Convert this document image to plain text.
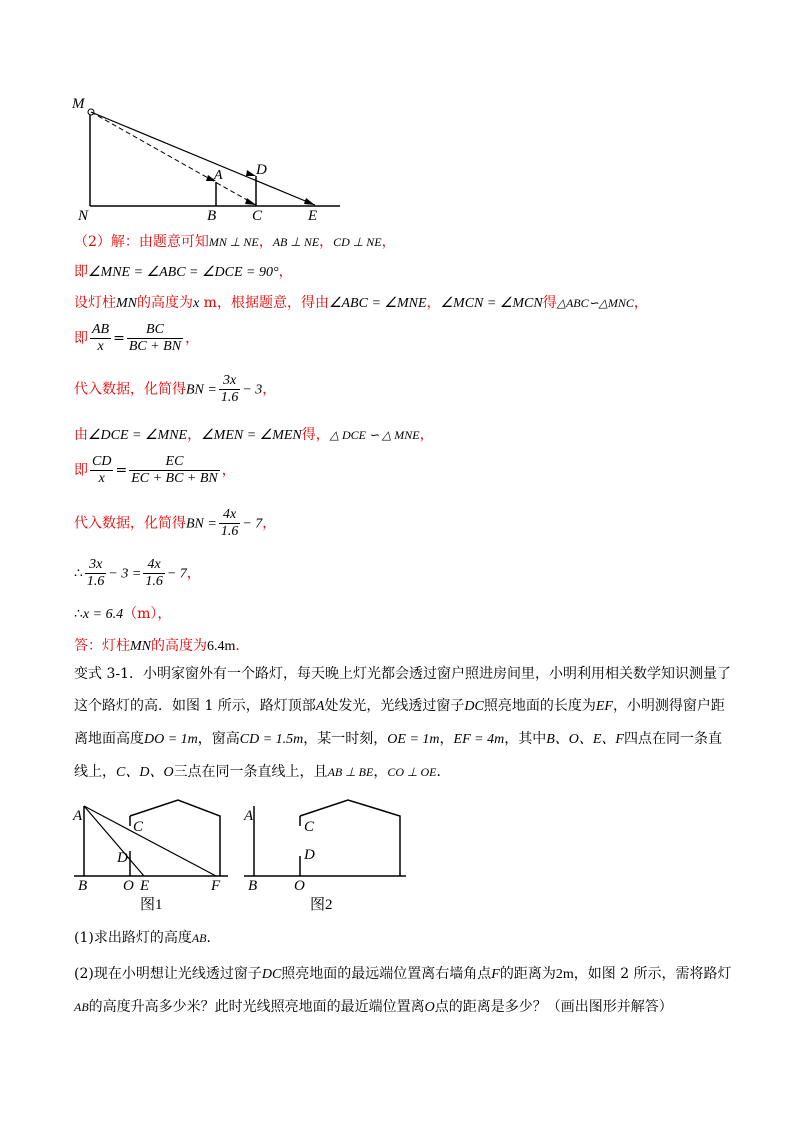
M
N
A
B C
D
E
（2）解：由题意可知MN ⊥ NE，AB ⊥ NE，CD ⊥ NE，
即∠MNE = ∠ABC = ∠DCE = 90°，
设灯柱MN的高度为x m，根据题意，得由∠ABC = ∠MNE，∠MCN = ∠MCN得△ABC∽△MNC，
即 $\frac{AB}{x} = \frac{BC}{BC + BN}$ ，
代入数据，化简得BN = $\frac{3x}{1.6} - 3$，
由∠DCE = ∠MNE，∠MEN = ∠MEN得，△ DCE ∽ △ MNE，
即 $\frac{CD}{x} = \frac{EC}{EC + BC + BN}$ ，
代入数据，化简得BN = $\frac{4x}{1.6} - 7$，
∴ $\frac{3x}{1.6} - 3 = \frac{4x}{1.6} - 7$，
∴x = 6.4（m），
答：灯柱MN的高度为6.4m．
变式 3-1．小明家窗外有一个路灯，每天晚上灯光都会透过窗户照进房间里，小明利用相关数学知识测量了这个路灯的高．如图 1 所示，路灯顶部A处发光，光线透过窗子DC照亮地面的长度为EF，小明测得窗户距离地面高度DO = 1m，窗高CD = 1.5m，某一时刻，OE = 1m，EF = 4m，其中B、O、E、F四点在同一条直线上，C、D、O三点在同一条直线上，且AB ⊥ BE，CO ⊥ OE．
A
C
D
B O E	F
图1
A
C
D
B O
图2
(1)求出路灯的高度AB．
(2)现在小明想让光线透过窗子DC照亮地面的最远端位置离右墙角点F的距离为2m，如图 2 所示，需将路灯AB的高度升高多少米？此时光线照亮地面的最近端位置离O点的距离是多少？（画出图形并解答）
